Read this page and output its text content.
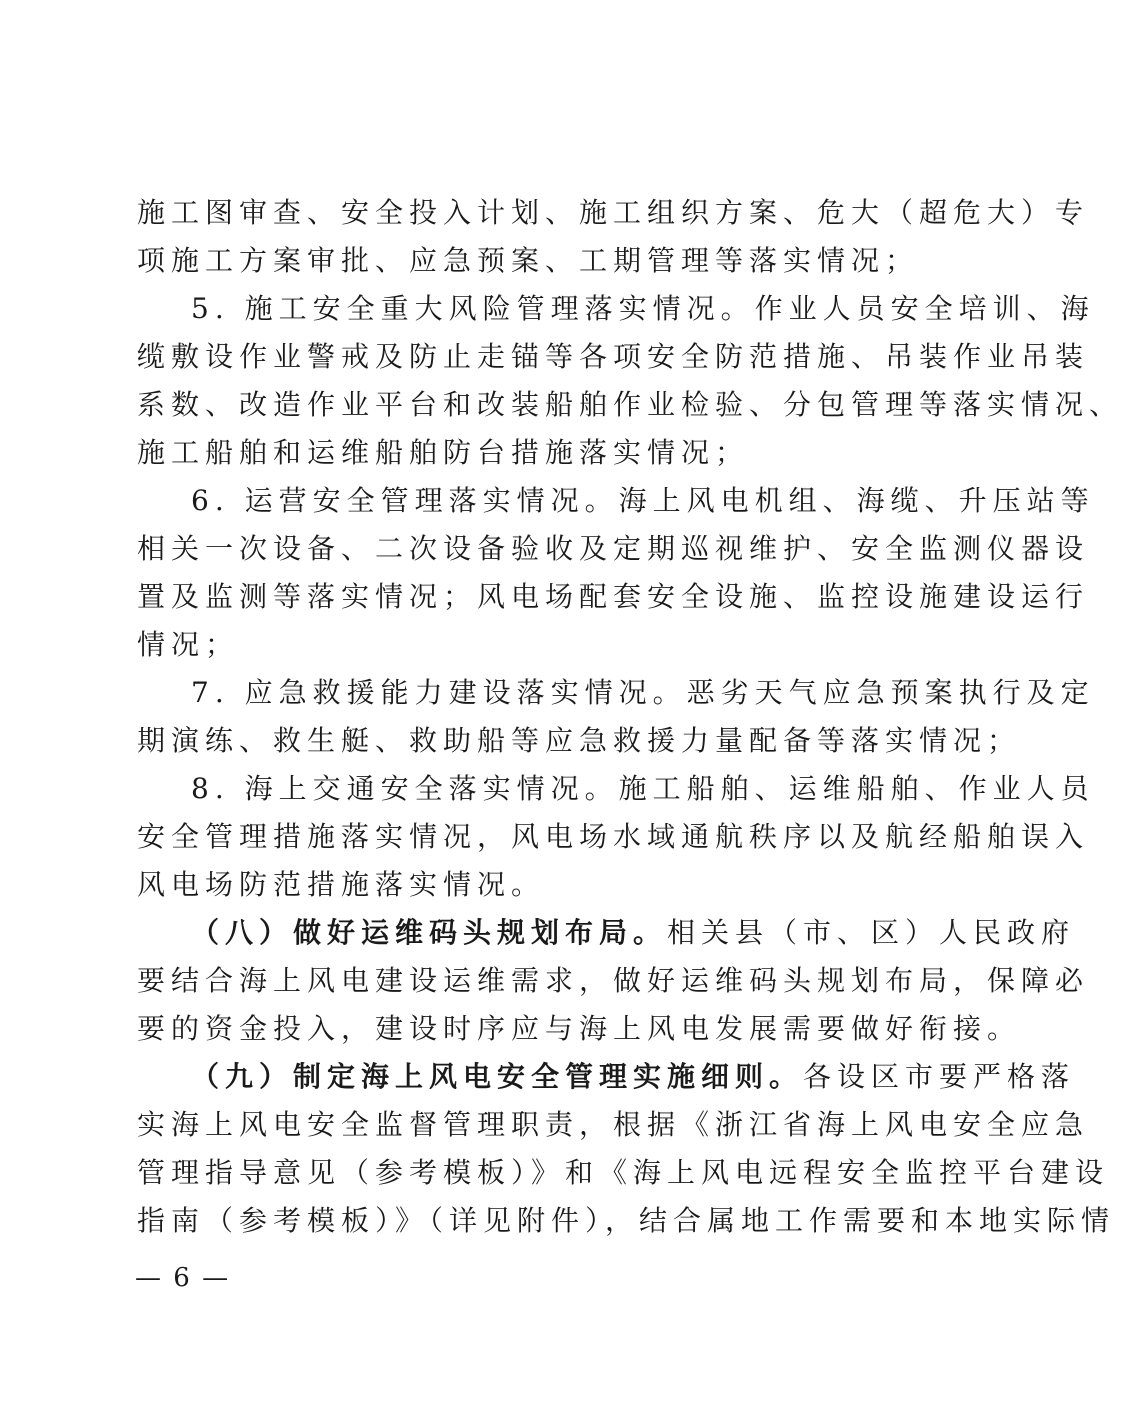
施工图审查、安全投入计划、施工组织方案、危大（超危大）专
项施工方案审批、应急预案、工期管理等落实情况；
5. 施工安全重大风险管理落实情况。作业人员安全培训、海
缆敷设作业警戒及防止走锚等各项安全防范措施、吊装作业吊装
系数、改造作业平台和改装船舶作业检验、分包管理等落实情况、
施工船舶和运维船舶防台措施落实情况；
6. 运营安全管理落实情况。海上风电机组、海缆、升压站等
相关一次设备、二次设备验收及定期巡视维护、安全监测仪器设
置及监测等落实情况；风电场配套安全设施、监控设施建设运行
情况；
7. 应急救援能力建设落实情况。恶劣天气应急预案执行及定
期演练、救生艇、救助船等应急救援力量配备等落实情况；
8. 海上交通安全落实情况。施工船舶、运维船舶、作业人员
安全管理措施落实情况，风电场水域通航秩序以及航经船舶误入
风电场防范措施落实情况。
（八）做好运维码头规划布局。相关县（市、区）人民政府
要结合海上风电建设运维需求，做好运维码头规划布局，保障必
要的资金投入，建设时序应与海上风电发展需要做好衔接。
（九）制定海上风电安全管理实施细则。各设区市要严格落
实海上风电安全监督管理职责，根据《浙江省海上风电安全应急
管理指导意见（参考模板）》和《海上风电远程安全监控平台建设
指南（参考模板）》（详见附件），结合属地工作需要和本地实际情
— 6 —
